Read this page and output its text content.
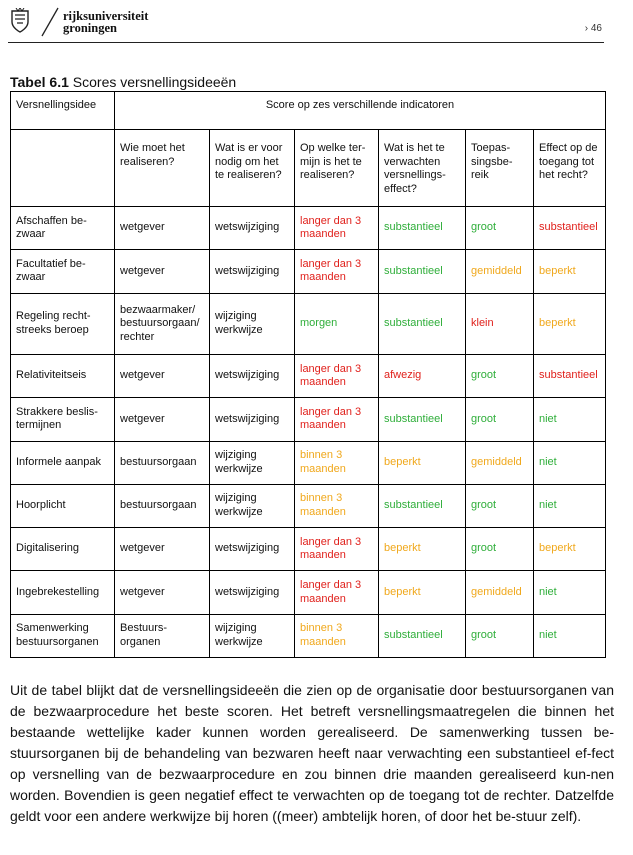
rijksuniversiteit
groningen	› 46
Tabel 6.1 Scores versnellingsideeën
Versnellingsidee	Score op zes verschillende indicatoren					
	Wie moet het realiseren?	Wat is er voor nodig om het te realiseren?	Op welke ter-mijn is het te realiseren?	Wat is het te verwachten versnellings-effect?	Toepas-singsbe-reik	Effect op de toegang tot het recht?
Afschaffen be-zwaar	wetgever	wetswijziging	langer dan 3 maanden	substantieel	groot	substantieel
Facultatief be-zwaar	wetgever	wetswijziging	langer dan 3 maanden	substantieel	gemiddeld	beperkt
Regeling recht-streeks beroep	bezwaarmaker/ bestuursorgaan/ rechter	wijziging werkwijze	morgen	substantieel	klein	beperkt
Relativiteitseis	wetgever	wetswijziging	langer dan 3 maanden	afwezig	groot	substantieel
Strakkere beslis-termijnen	wetgever	wetswijziging	langer dan 3 maanden	substantieel	groot	niet
Informele aanpak	bestuursorgaan	wijziging werkwijze	binnen 3 maanden	beperkt	gemiddeld	niet
Hoorplicht	bestuursorgaan	wijziging werkwijze	binnen 3 maanden	substantieel	groot	niet
Digitalisering	wetgever	wetswijziging	langer dan 3 maanden	beperkt	groot	beperkt
Ingebrekestelling	wetgever	wetswijziging	langer dan 3 maanden	beperkt	gemiddeld	niet
Samenwerking bestuursorganen	Bestuurs-organen	wijziging werkwijze	binnen 3 maanden	substantieel	groot	niet
Uit de tabel blijkt dat de versnellingsideeën die zien op de organisatie door bestuursorganen van de bezwaarprocedure het beste scoren. Het betreft versnellingsmaatregelen die binnen het bestaande wettelijke kader kunnen worden gerealiseerd. De samenwerking tussen be-stuursorganen bij de behandeling van bezwaren heeft naar verwachting een substantieel ef-fect op versnelling van de bezwaarprocedure en zou binnen drie maanden gerealiseerd kun-nen worden. Bovendien is geen negatief effect te verwachten op de toegang tot de rechter. Datzelfde geldt voor een andere werkwijze bij horen ((meer) ambtelijk horen, of door het be-stuur zelf).
